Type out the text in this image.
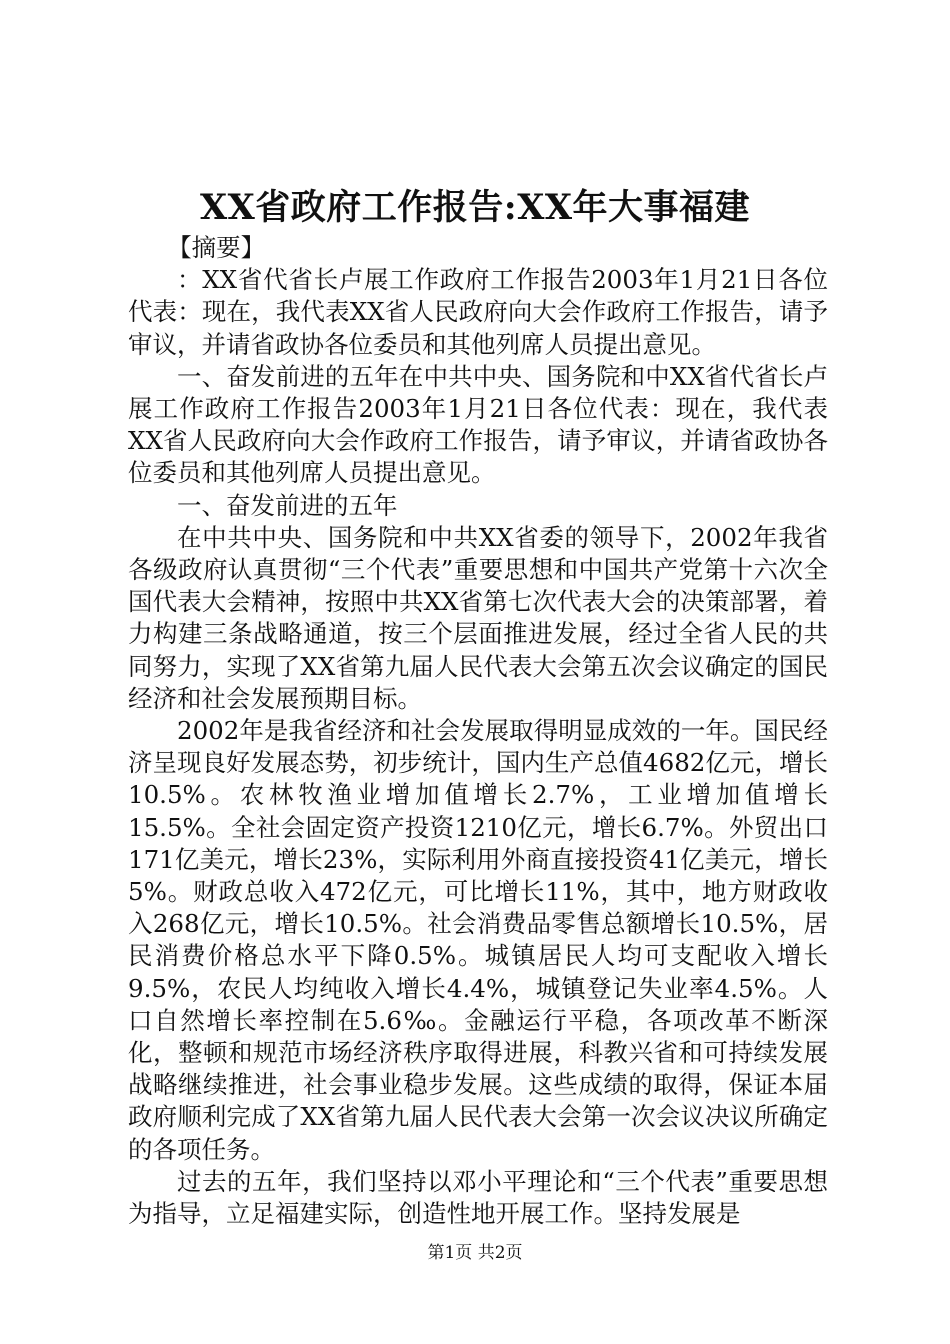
XX省政府工作报告:XX年大事福建

【摘要】

：XX省代省长卢展工作政府工作报告2003年1月21日各位代表：现在，我代表XX省人民政府向大会作政府工作报告，请予审议，并请省政协各位委员和其他列席人员提出意见。

一、奋发前进的五年在中共中央、国务院和中XX省代省长卢展工作政府工作报告2003年1月21日各位代表：现在，我代表XX省人民政府向大会作政府工作报告，请予审议，并请省政协各位委员和其他列席人员提出意见。

一、奋发前进的五年

在中共中央、国务院和中共XX省委的领导下，2002年我省各级政府认真贯彻“三个代表”重要思想和中国共产党第十六次全国代表大会精神，按照中共XX省第七次代表大会的决策部署，着力构建三条战略通道，按三个层面推进发展，经过全省人民的共同努力，实现了XX省第九届人民代表大会第五次会议确定的国民经济和社会发展预期目标。

2002年是我省经济和社会发展取得明显成效的一年。国民经济呈现良好发展态势，初步统计，国内生产总值4682亿元，增长10.5%。农林牧渔业增加值增长2.7%，工业增加值增长15.5%。全社会固定资产投资1210亿元，增长6.7%。外贸出口171亿美元，增长23%，实际利用外商直接投资41亿美元，增长5%。财政总收入472亿元，可比增长11%，其中，地方财政收入268亿元，增长10.5%。社会消费品零售总额增长10.5%，居民消费价格总水平下降0.5%。城镇居民人均可支配收入增长9.5%，农民人均纯收入增长4.4%，城镇登记失业率4.5%。人口自然增长率控制在5.6‰。金融运行平稳，各项改革不断深化，整顿和规范市场经济秩序取得进展，科教兴省和可持续发展战略继续推进，社会事业稳步发展。这些成绩的取得，保证本届政府顺利完成了XX省第九届人民代表大会第一次会议决议所确定的各项任务。

过去的五年，我们坚持以邓小平理论和“三个代表”重要思想为指导，立足福建实际，创造性地开展工作。坚持发展是

第1页 共2页
